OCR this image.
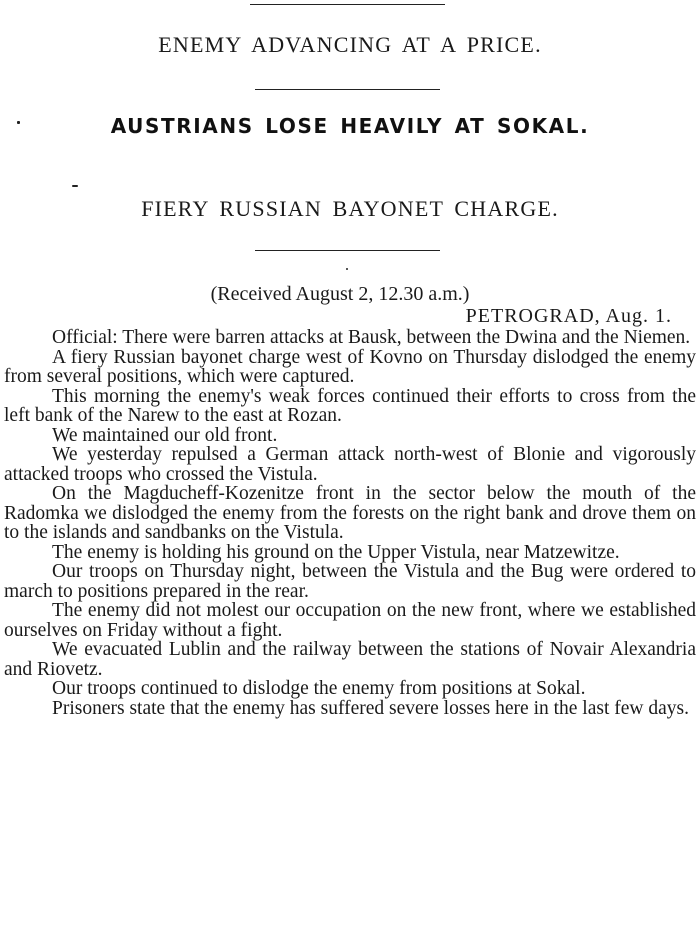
ENEMY ADVANCING AT A PRICE.
AUSTRIANS LOSE HEAVILY AT SOKAL.
FIERY RUSSIAN BAYONET CHARGE.
(Received August 2, 12.30 a.m.)
PETROGRAD, Aug. 1.

Official: There were barren attacks at Bausk, between the Dwina and the Niemen.

A fiery Russian bayonet charge west of Kovno on Thursday dislodged the enemy from several positions, which were captured.

This morning the enemy's weak forces continued their efforts to cross from the left bank of the Narew to the east at Rozan.

We maintained our old front.

We yesterday repulsed a German attack north-west of Blonie and vigorously attacked troops who crossed the Vistula.

On the Magducheff-Kozenitze front in the sector below the mouth of the Radomka we dislodged the enemy from the forests on the right bank and drove them on to the islands and sandbanks on the Vistula.

The enemy is holding his ground on the Upper Vistula, near Matzewitze.

Our troops on Thursday night, between the Vistula and the Bug were ordered to march to positions prepared in the rear.

The enemy did not molest our occupation on the new front, where we established ourselves on Friday without a fight.

We evacuated Lublin and the railway between the stations of Novair Alexandria and Riovetz.

Our troops continued to dislodge the enemy from positions at Sokal.

Prisoners state that the enemy has suffered severe losses here in the last few days.
